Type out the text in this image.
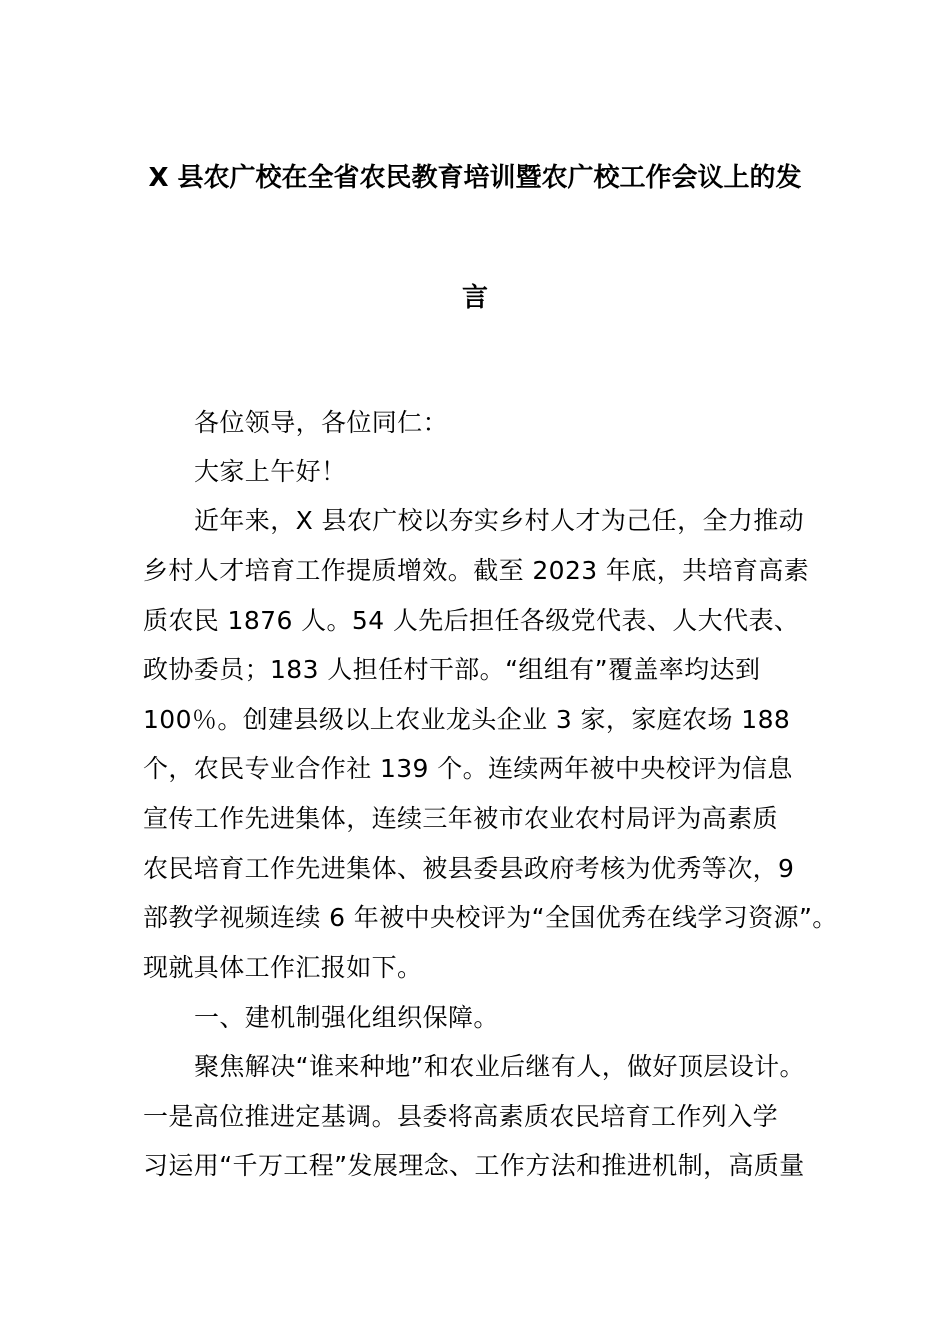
X 县农广校在全省农民教育培训暨农广校工作会议上的发
言
各位领导，各位同仁：
大家上午好！
近年来，X 县农广校以夯实乡村人才为己任，全力推动
乡村人才培育工作提质增效。截至 2023 年底，共培育高素
质农民 1876 人。54 人先后担任各级党代表、人大代表、
政协委员；183 人担任村干部。“组组有”覆盖率均达到
100％。创建县级以上农业龙头企业 3 家，家庭农场 188
个，农民专业合作社 139 个。连续两年被中央校评为信息
宣传工作先进集体，连续三年被市农业农村局评为高素质
农民培育工作先进集体、被县委县政府考核为优秀等次，9
部教学视频连续 6 年被中央校评为“全国优秀在线学习资源”。
现就具体工作汇报如下。
一、建机制强化组织保障。
聚焦解决“谁来种地”和农业后继有人，做好顶层设计。
一是高位推进定基调。县委将高素质农民培育工作列入学
习运用“千万工程”发展理念、工作方法和推进机制，高质量
